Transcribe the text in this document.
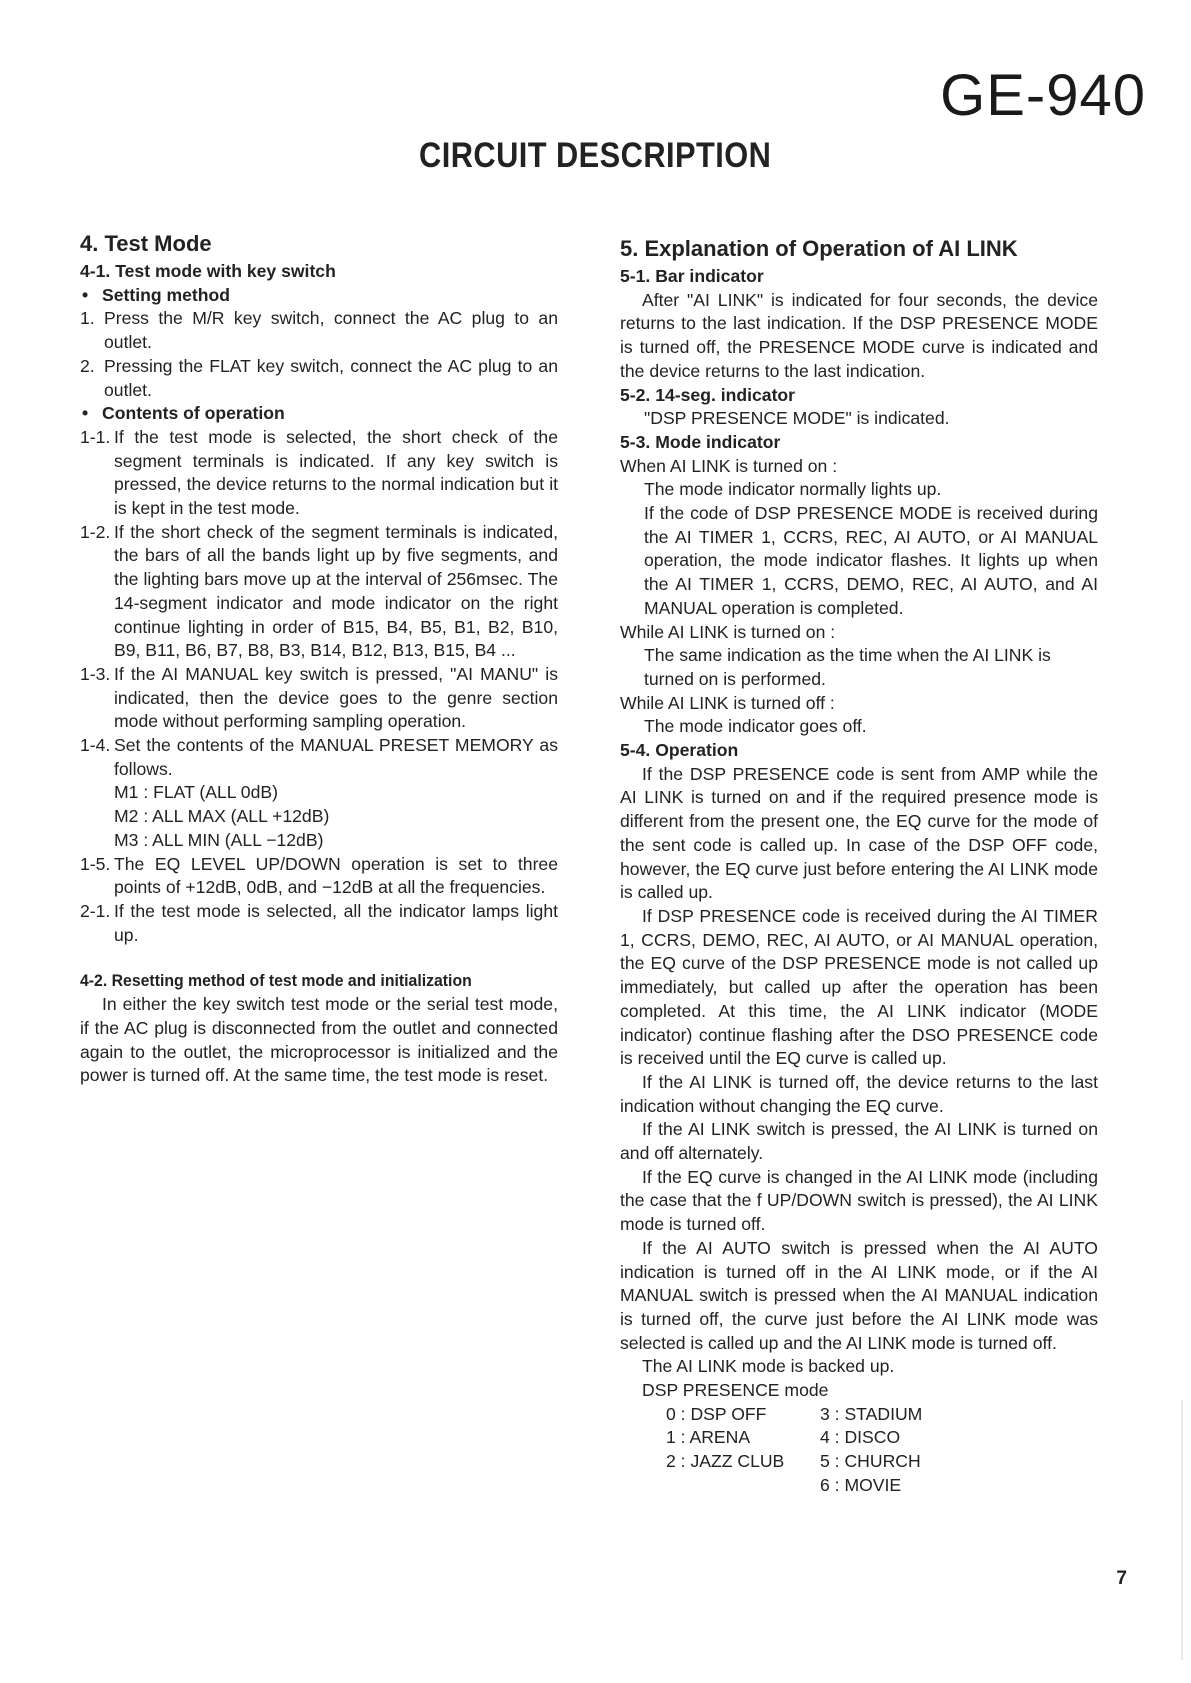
GE-940
CIRCUIT DESCRIPTION
4. Test Mode
4-1. Test mode with key switch
• Setting method
1. Press the M/R key switch, connect the AC plug to an outlet.
2. Pressing the FLAT key switch, connect the AC plug to an outlet.
• Contents of operation
1-1. If the test mode is selected, the short check of the segment terminals is indicated. If any key switch is pressed, the device returns to the normal indication but it is kept in the test mode.
1-2. If the short check of the segment terminals is indicated, the bars of all the bands light up by five segments, and the lighting bars move up at the interval of 256msec. The 14-segment indicator and mode indicator on the right continue lighting in order of B15, B4, B5, B1, B2, B10, B9, B11, B6, B7, B8, B3, B14, B12, B13, B15, B4 ...
1-3. If the AI MANUAL key switch is pressed, "AI MANU" is indicated, then the device goes to the genre section mode without performing sampling operation.
1-4. Set the contents of the MANUAL PRESET MEMORY as follows.
M1 : FLAT (ALL 0dB)
M2 : ALL MAX (ALL +12dB)
M3 : ALL MIN (ALL −12dB)
1-5. The EQ LEVEL UP/DOWN operation is set to three points of +12dB, 0dB, and −12dB at all the frequencies.
2-1. If the test mode is selected, all the indicator lamps light up.
4-2. Resetting method of test mode and initialization

In either the key switch test mode or the serial test mode, if the AC plug is disconnected from the outlet and connected again to the outlet, the microprocessor is initialized and the power is turned off. At the same time, the test mode is reset.

5. Explanation of Operation of AI LINK
5-1. Bar indicator

After "AI LINK" is indicated for four seconds, the device returns to the last indication. If the DSP PRESENCE MODE is turned off, the PRESENCE MODE curve is indicated and the device returns to the last indication.

5-2. 14-seg. indicator

"DSP PRESENCE MODE" is indicated.

5-3. Mode indicator
When AI LINK is turned on :

The mode indicator normally lights up.

If the code of DSP PRESENCE MODE is received during the AI TIMER 1, CCRS, REC, AI AUTO, or AI MANUAL operation, the mode indicator flashes. It lights up when the AI TIMER 1, CCRS, DEMO, REC, AI AUTO, and AI MANUAL operation is completed.

While AI LINK is turned on :

The same indication as the time when the AI LINK is turned on is performed.

While AI LINK is turned off :

The mode indicator goes off.

5-4. Operation

If the DSP PRESENCE code is sent from AMP while the AI LINK is turned on and if the required presence mode is different from the present one, the EQ curve for the mode of the sent code is called up. In case of the DSP OFF code, however, the EQ curve just before entering the AI LINK mode is called up.

If DSP PRESENCE code is received during the AI TIMER 1, CCRS, DEMO, REC, AI AUTO, or AI MANUAL operation, the EQ curve of the DSP PRESENCE mode is not called up immediately, but called up after the operation has been completed. At this time, the AI LINK indicator (MODE indicator) continue flashing after the DSO PRESENCE code is received until the EQ curve is called up.

If the AI LINK is turned off, the device returns to the last indication without changing the EQ curve.

If the AI LINK switch is pressed, the AI LINK is turned on and off alternately.

If the EQ curve is changed in the AI LINK mode (including the case that the f UP/DOWN switch is pressed), the AI LINK mode is turned off.

If the AI AUTO switch is pressed when the AI AUTO indication is turned off in the AI LINK mode, or if the AI MANUAL switch is pressed when the AI MANUAL indication is turned off, the curve just before the AI LINK mode was selected is called up and the AI LINK mode is turned off.

The AI LINK mode is backed up.

DSP PRESENCE mode

0 : DSP OFF	3 : STADIUM
1 : ARENA	4 : DISCO
2 : JAZZ CLUB	5 : CHURCH
6 : MOVIE
7
